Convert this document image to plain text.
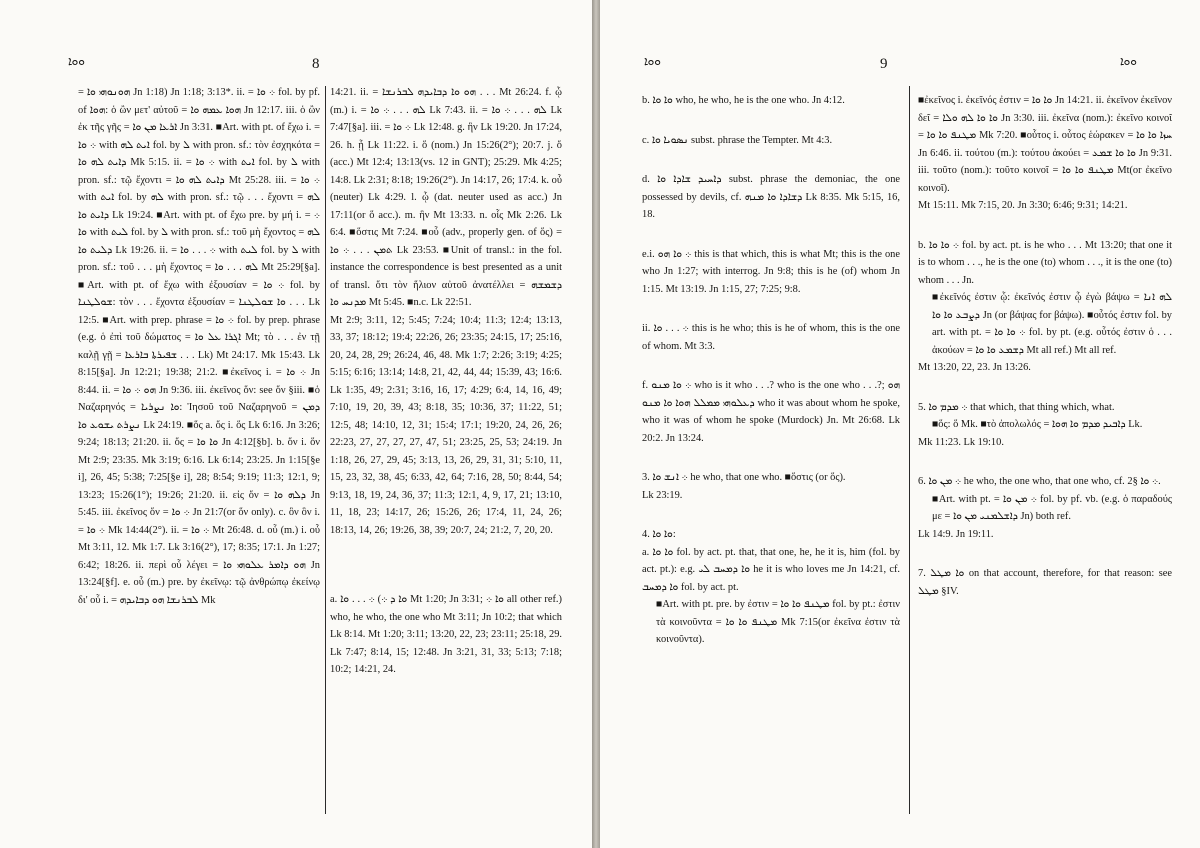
ܘܘܐ	8

= ܗܘܢܘܗܝ ܘܐ Jn 1:18) Jn 1:18; 3:13*. ii. = ܀ ܘܐ fol. by pf. of ܗܘܐ: ὁ ὢν μετ' αὐτοῦ = ܗܘܐ ܥܡܗ ܘܐ Jn 12:17. iii. ὁ ὢν ἐκ τῆς γῆς = ܐܪܥܐ ܡܢ ܘܐ Jn 3:31. ■Art. with pt. of ἔχω i. = ܀ ܘܐ with ܐܝܬ ܠܗ fol. by ܠ with pron. sf.: τὸν ἐσχηκότα = ܕܐܝܬ ܠܗ ܘܐ Mk 5:15. ii. = ܀ ܘܐ with ܐܝܬ fol. by ܠ with pron. sf.: τῷ ἔχοντι = ܕܐܝܬ ܠܗ ܘܐ Mt 25:28. iii. = ܀ ܘܐ with ܐܝܬ fol. by ܠܗ with pron. sf.: τῷ . . . ἔχοντι = ܠܗ ܕܐܝܬ ܘܐ Lk 19:24. ■Art. with pt. of ἔχω pre. by μή i. = ܀ ܘܐ with ܠܝܬ fol. by ܠ with pron. sf.: τοῦ μὴ ἔχοντος = ܠܗ ܕܠܝܬ ܘܐ Lk 19:26. ii. = ܀ . . . ܘܐ with ܠܝܬ fol. by ܠ with pron. sf.: τοῦ . . . μὴ ἔχοντος = ܠܗ . . . ܘܐ Mt 25:29[§a]. ■Art. with pt. of ἔχω with ἐξουσίαν = ܀ ܘܐ fol. by ܫܘܠܛܢܐ: τὸν . . . ἔχοντα ἐξουσίαν = ܘܐ ܫܘܠܛܢܐ . . . Lk 12:5. ■Art. with prep. phrase = ܀ ܘܐ fol. by prep. phrase (e.g. ὁ ἐπὶ τοῦ δώματος = ܐܓܪܐ ܥܠ ܘܐ Mt; τὸ . . . ἐν τῇ καλῇ γῇ = ܫܦܝܪܬܐ ܒܐܪܥܐ . . . Lk) Mt 24:17. Mk 15:43. Lk 8:15[§a]. Jn 12:21; 19:38; 21:2. ■ἐκεῖνος i. = ܀ ܘܐ Jn 8:44. ii. = ܗܘ ܀ ܘܐ Jn 9:36. iii. ἐκεῖνος ὅν: see ὅν §iii. ■ὁ Ναζαρηνός = ܘܐ ܢܨܪܝܐ: Ἰησοῦ τοῦ Ναζαρηνοῦ = ܕܡܢ ܢܨܪܬ ܝܫܘܥ ܘܐ Lk 24:19. ■ὅς a. ὅς i. ὅς Lk 6:16. Jn 3:26; 9:24; 18:13; 21:20. ii. ὅς = ܘܐ ܘܐ Jn 4:12[§b]. b. ὅν i. ὅν Mt 2:9; 23:35. Mk 3:19; 6:16. Lk 6:14; 23:25. Jn 1:15[§e i], 26, 45; 5:38; 7:25[§e i], 28; 8:54; 9:19; 11:3; 12:1, 9; 13:23; 15:26(1°); 19:26; 21:20. ii. εἰς ὅν = ܕܠܗ ܘܐ Jn 5:45. iii. ἐκεῖνος ὅν = ܀ ܘܐ Jn 21:7(or ὅν only). c. ὃν ὃν i. = ܀ ܘܐ Mk 14:44(2°). ii. = ܀ ܘܐ Mt 26:48. d. οὗ (m.) i. οὗ Mt 3:11, 12. Mk 1:7. Lk 3:16(2°), 17; 8:35; 17:1. Jn 1:27; 6:42; 18:26. ii. περὶ οὗ λέγει = ܗܘ ܕܐܡܪ ܥܠܘܗܝ ܘܐ Jn 13:24[§f]. e. οὗ (m.) pre. by ἐκεῖνῳ: τῷ ἀνθρώπῳ ἐκείνῳ δι' οὗ i. = ܠܒܪܢܫܐ ܗܘ ܕܒܐܝܕܗ Mk

14:21. ii. = ܗܘ ܘܐ ܕܒܐܝܕܗ ܠܒܪܢܫܐ . . . Mt 26:24. f. ᾧ (m.) i. = ܠܗ . . . ܀ ܘܐ Lk 7:43. ii. = ܠܗ . . . ܀ ܘܐ Lk 7:47[§a]. iii. = ܀ ܘܐ Lk 12:48. g. ἣν Lk 19:20. Jn 17:24, 26. h. ᾗ Lk 11:22. i. ὅ (nom.) Jn 15:26(2°); 20:7. j. ὅ (acc.) Mt 12:4; 13:13(vs. 12 in GNT); 25:29. Mk 4:25; 14:8. Lk 2:31; 8:18; 19:26(2°). Jn 14:17, 26; 17:4. k. οὗ (neuter) Lk 4:29. l. ᾧ (dat. neuter used as acc.) Jn 17:11(or ὅ acc.). m. ἣν Mt 13:33. n. οἷς Mk 2:26. Lk 6:4. ■ὅστις Mt 7:24. ■οὗ (adv., properly gen. of ὅς) = ܬܡܢ . . . ܀ ܘܐ Lk 23:53. ■Unit of transl.: in the fol. instance the correspondence is best presented as a unit of transl. ὅτι τὸν ἥλιον αὐτοῦ ἀνατέλλει = ܕܫܡܫܗ ܡܕܢܚ ܘܐ Mt 5:45. ■n.c. Lk 22:51.

Mt 2:9; 3:11, 12; 5:45; 7:24; 10:4; 11:3; 12:4; 13:13, 33, 37; 18:12; 19:4; 22:26, 26; 23:35; 24:15, 17; 25:16, 20, 24, 28, 29; 26:24, 46, 48. Mk 1:7; 2:26; 3:19; 4:25; 5:15; 6:16; 13:14; 14:8, 21, 42, 44, 44; 15:39, 43; 16:6. Lk 1:35, 49; 2:31; 3:16, 16, 17; 4:29; 6:4, 14, 16, 49; 7:10, 19, 20, 39, 43; 8:18, 35; 10:36, 37; 11:22, 51; 12:5, 48; 14:10, 12, 31; 15:4; 17:1; 19:20, 24, 26, 26; 22:23, 27, 27, 27, 27, 47, 51; 23:25, 25, 53; 24:19. Jn 1:18, 26, 27, 29, 45; 3:13, 13, 26, 29, 31, 31; 5:10, 11, 15, 23, 32, 38, 45; 6:33, 42, 64; 7:16, 28, 50; 8:44, 54; 9:13, 18, 19, 24, 36, 37; 11:3; 12:1, 4, 9, 17, 21; 13:10, 11, 18, 23; 14:17, 26; 15:26, 26; 17:4, 11, 24, 26; 18:13, 14, 26; 19:26, 38, 39; 20:7, 24; 21:2, 7, 20, 20.

a. ܀ . . . ܘܐ (ܘܐ ܕ ܀ Mt 1:20; Jn 3:31; ܘܐ ܀ all other ref.) who, he who, the one who Mt 3:11; Jn 10:2; that which Lk 8:14. Mt 1:20; 3:11; 13:20, 22, 23; 23:11; 25:18, 29. Lk 7:47; 8:14, 15; 12:48. Jn 3:21, 31, 33; 5:13; 7:18; 10:2; 14:21, 24.

ܘܘܐ	9	ܘܘܐ

b. ܘܐ ܘܐ who, he who, he is the one who. Jn 4:12.

c. ܢܣܘܝܐ ܘܐ subst. phrase the Tempter. Mt 4:3.

d. ܕܐܚܝܕ ܫܐܕܐ ܘܐ subst. phrase the demoniac, the one possessed by devils, cf. ܕܫܐܕܐ ܘܐ ܡܢܗ Lk 8:35. Mk 5:15, 16, 18.

e.i. ܀ ܘܐ ܗܘ this is that which, this is what Mt; this is the one who Jn 1:27; with interrog. Jn 9:8; this is he (of) whom Jn 1:15. Mt 13:19. Jn 1:15, 27; 7:25; 9:8.

ii. ܀ . . . ܘܐ this is he who; this is he of whom, this is the one of whom. Mt 3:3.

f. ܀ ܘܐ ܡܢܘ who is it who . . .? who is the one who . . .?; ܗܘ ܕܥܠܘܗܝ ܡܡܠܠ ܗܘܐ ܘܐ ܡܢܘ who it was about whom he spoke, who it was of whom he spoke (Murdock) Jn. Mt 26:68. Lk 20:2. Jn 13:24.

3. ܀ ܐܢܫ ܘܐ he who, that one who. ■ὅστις (or ὅς).
Lk 23:19.

4. ܘܐ ܘܐ:

a. ܘܐ ܘܐ fol. by act. pt. that, that one, he, he it is, him (fol. by act. pt.): e.g. ܘܐ ܕܡܚܒ ܠܝ he it is who loves me Jn 14:21, cf. ܘܐ ܕܡܚܒ fol. by act. pt.

■Art. with pt. pre. by ἐστιν = ܡܛܢܦ ܘܐ ܘܐ fol. by pt.: ἐστιν τὰ κοινοῦντα = ܡܛܢܦ ܘܐ ܘܐ Mk 7:15(or ἐκεῖνα ἐστιν τὰ κοινοῦντα).

■ἐκεῖνος i. ἐκεῖνός ἐστιν = ܘܐ ܘܐ Jn 14:21. ii. ἐκεῖνον ἐκεῖνον δεῖ = ܘܐ ܘܐ ܠܗ ܘܠܐ Jn 3:30. iii. ἐκεῖνα (nom.): ἐκεῖνο κοινοῖ = ܡܛܢܦ ܘܐ ܘܐ Mk 7:20. ■οὗτος i. οὗτος ἑώρακεν = ܚܙܐ ܘܐ ܘܐ Jn 6:46. ii. τούτου (m.): τούτου ἀκούει = ܘܐ ܘܐ ܫܡܥ Jn 9:31. iii. τοῦτο (nom.): τοῦτο κοινοῖ = ܡܛܢܦ ܘܐ ܘܐ Mt(or ἐκεῖνο κοινοῖ).

Mt 15:11. Mk 7:15, 20. Jn 3:30; 6:46; 9:31; 14:21.

b. ܀ ܘܐ ܘܐ fol. by act. pt. is he who . . . Mt 13:20; that one it is to whom . . ., he is the one (to) whom . . ., it is the one (to) whom . . . Jn.

■ἐκεῖνός ἐστιν ᾧ: ἐκεῖνός ἐστιν ᾧ ἐγὼ βάψω = ܠܗ ܐܢܐ ܕܨܒܥ ܘܐ ܘܐ Jn (or βάψας for βάψω). ■οὗτός ἐστιν fol. by art. with pt. = ܀ ܘܐ ܘܐ fol. by pt. (e.g. οὗτός ἐστιν ὁ . . . ἀκούων = ܕܫܡܥ ܘܐ ܘܐ Mt all ref.) Mt all ref.

Mt 13:20, 22, 23. Jn 13:26.

5. ܀ ܡܕܡ ܘܐ that which, that thing which, what.

■ὅς: ὅ Mk. ■τὸ ἀπολωλός = ܕܐܒܝܕ ܡܕܡ ܘܐ ܗܘܐ Lk.

Mk 11:23. Lk 19:10.

6. ܀ ܡܢ ܘܐ he who, the one who, that one who, cf. ܀ ܘܐ §2.

■Art. with pt. = ܀ ܡܢ ܘܐ fol. by pf. vb. (e.g. ὁ παραδούς με = ܕܐܫܠܡܢܝ ܡܢ ܘܐ Jn) both ref.

Lk 14:9. Jn 19:11.

7. ܘܐ ܡܛܠ on that account, therefore, for that reason: see ܡܛܠ §IV.
